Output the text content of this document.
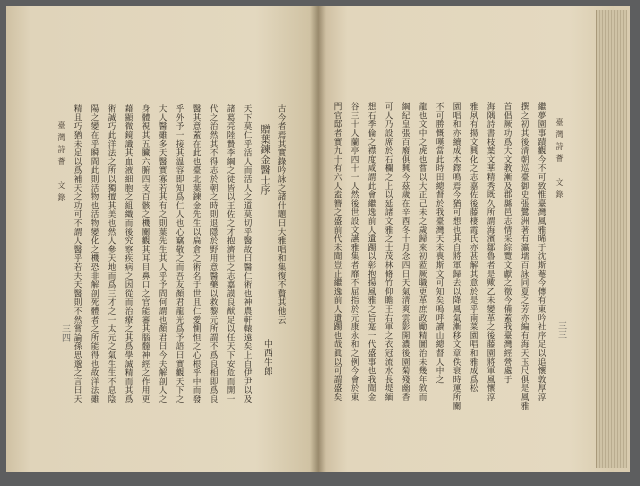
臺灣詩薈　文錄
三四
古今者焉其實錄吟詠之諸什題曰大雅唱和集復不贅其他云
贈葉鍊金醫士序
中西牛郎
天下莫仁乎活人而活人之道莫切乎醫故曰醫仁術也神農軒轅遠矣上自伊尹以及
諸葛亮陸贄李綱之徒皆以王佐之才抱濟世之志嘉謨良猷足以任天下安危而開一
代之治然其不得志於朝之時則退隱於野用意醫藥以救黎元所謂不爲良相即爲良
醫其意蓋在此也臺北葉鍊金先生以扁倉之術名于世且仁愛惻怛之心根乎中而發
乎外予一接其温容即知爲仁人也心竊敬之而吾友顏君龍光爲予語曰實觀天下之
大人醫雖多天醫實寡若其有之則葉先生其人乎予問何謂也顏君曰今夫解剖人之
身體視其五臟六腑四支百骸之機關觀其耳目鼻口之官能審其腦髓神經之作用更
藉顯微鏡識其血液細胞之組織而後究察疾病之因從而治療之其爲學誠精而其爲
術誠巧此洋法之所以獨擅其美也然人參天地而爲三才之一太元之氣生生不息陰
陽之變在乎瞬間此則活物也活物變化之機恐非解剖死體者之所能得也故洋法雖
精且巧猶未足以爲補天之功可不謂人醫乎若夫天醫則不然嘗論孫思邈之言曰天	繼夢園事蹟觀今不可致惟臺灣風雅晞于沈斯菴今傳有東吟社序足以追懷敦厚淳
撰之初其後清朝巡臺御史張鷺洲著有瀛壖百詠同夏之芳亦編有海天玉尺俱是風雅
首倡厥功爲大文教漸及郡縣邑志情采綜覽文獻之徵今備蓋我臺灣經營處于
海隅詩書枝葉文華精秀既久所謂海濱鄒魯者是歟乙未變革之後藤園將軍風懷淳
雅夙有揚文興化之志嘉佐後藤棲霞氏亦甚解其意於是乎南菜園唱和雅成爲松
園唱和亦續成木鐸鳴焉今猶可想也其自將軍歸去以降風氣漸移文章佚衰時運所關
不可勝慨嘆當此時田總督於我臺灣天未喪斯文可知矣嗚呼讀山總督人中之
龍也文中之虎也嘗以大正己未之歲歸來初蒞厥職更革庶政勵精圖治未幾年敘而
綱紀皇張百廢俱興今茲歲在辛酉冬十月念四日天氣清爽雲影開濃後園菊殘幽香
可人乃設席於石欄之上以延諸文雅之士茂林脩竹仰瞻王右軍之衣冠流水長堤緬
想石季倫之襟度咸謂此會繼逸前人遺躅以彰抱揚風雅之旨寔一代盛事也我聞金
谷三十人蘭亭四十一人然後世設文讌雅集者靡不屈指於元康永和之例今會於東
門官邸者實九十有六人盍簪之盛前代未聞豈止繼逸前人遺躅也哉眞以可謂盛矣	臺灣詩薈　文錄
三三
